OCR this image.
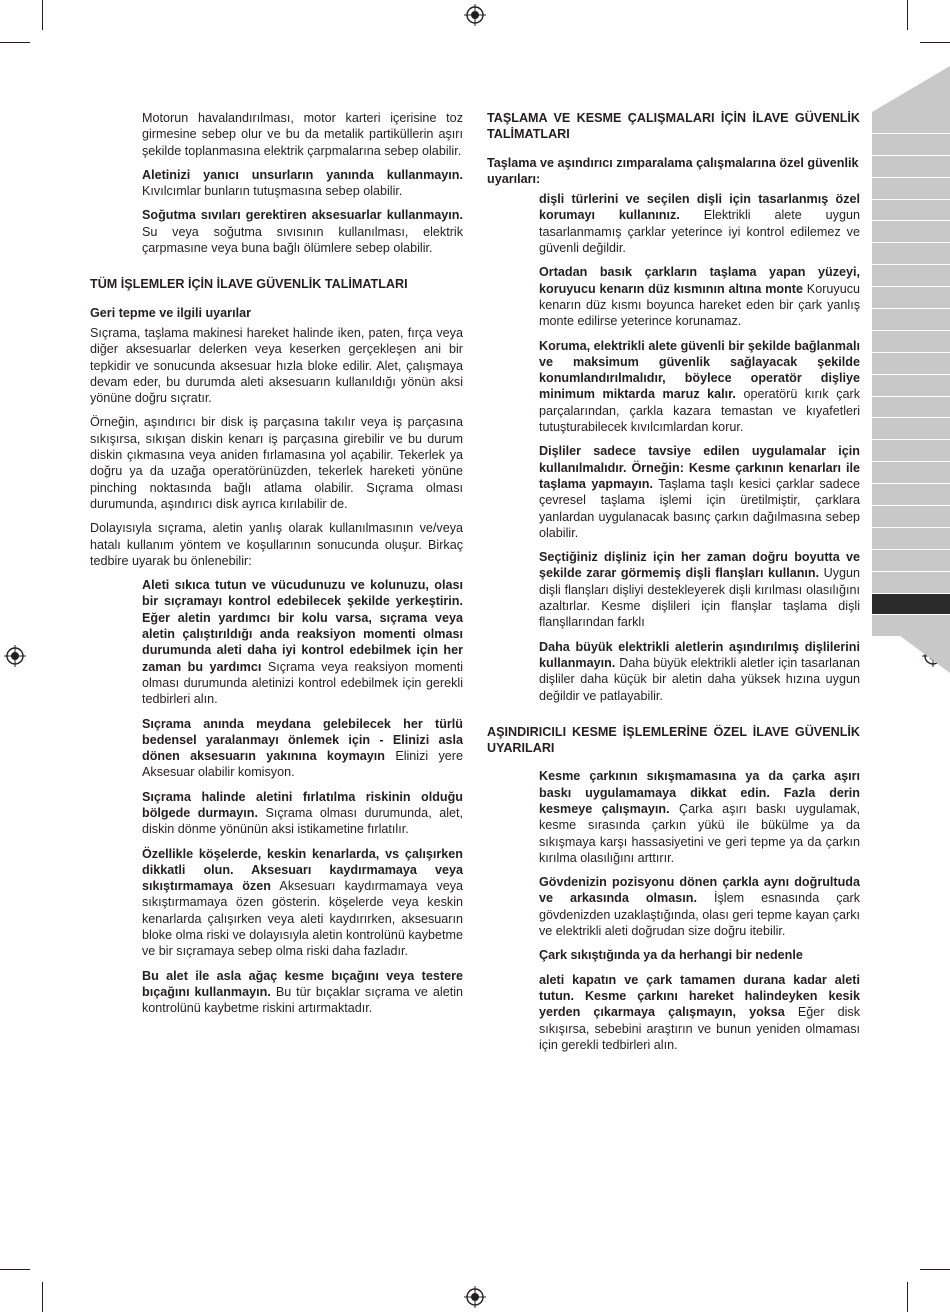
Motorun havalandırılması, motor karteri içerisine toz girmesine sebep olur ve bu da metalik partiküllerin aşırı şekilde toplanmasına elektrik çarpmalarına sebep olabilir.
Aletinizi yanıcı unsurların yanında kullanmayın. Kıvılcımlar bunların tutuşmasına sebep olabilir.
Soğutma sıvıları gerektiren aksesuarlar kullanmayın. Su veya soğutma sıvısının kullanılması, elektrik çarpmasıne veya buna bağlı ölümlere sebep olabilir.
TÜM İŞLEMLER İÇİN İLAVE GÜVENLİK TALİMATLARI
Geri tepme ve ilgili uyarılar
Sıçrama, taşlama makinesi hareket halinde iken, paten, fırça veya diğer aksesuarlar delerken veya keserken gerçekleşen ani bir tepkidir ve sonucunda aksesuar hızla bloke edilir. Alet, çalışmaya devam eder, bu durumda aleti aksesuarın kullanıldığı yönün aksi yönüne doğru sıçratır.
Örneğin, aşındırıcı bir disk iş parçasına takılır veya iş parçasına sıkışırsa, sıkışan diskin kenarı iş parçasına girebilir ve bu durum diskin çıkmasına veya aniden fırlamasına yol açabilir. Tekerlek ya doğru ya da uzağa operatörünüzden, tekerlek hareketi yönüne pinching noktasında bağlı atlama olabilir. Sıçrama olması durumunda, aşındırıcı disk ayrıca kırılabilir de.
Dolayısıyla sıçrama, aletin yanlış olarak kullanılmasının ve/veya hatalı kullanım yöntem ve koşullarının sonucunda oluşur. Birkaç tedbire uyarak bu önlenebilir:
Aleti sıkıca tutun ve vücudunuzu ve kolunuzu, olası bir sıçramayı kontrol edebilecek şekilde yerkeştirin. Eğer aletin yardımcı bir kolu varsa, sıçrama veya aletin çalıştırıldığı anda reaksiyon momenti olması durumunda aleti daha iyi kontrol edebilmek için her zaman bu yardımcı Sıçrama veya reaksiyon momenti olması durumunda aletinizi kontrol edebilmek için gerekli tedbirleri alın.
Sıçrama anında meydana gelebilecek her türlü bedensel yaralanmayı önlemek için - Elinizi asla dönen aksesuarın yakınına koymayın Elinizi yere Aksesuar olabilir komisyon.
Sıçrama halinde aletini fırlatılma riskinin olduğu bölgede durmayın. Sıçrama olması durumunda, alet, diskin dönme yönünün aksi istikametine fırlatılır.
Özellikle köşelerde, keskin kenarlarda, vs çalışırken dikkatli olun. Aksesuarı kaydırmamaya veya sıkıştırmamaya özen Aksesuarı kaydırmamaya veya sıkıştırmamaya özen gösterin. köşelerde veya keskin kenarlarda çalışırken veya aleti kaydırırken, aksesuarın bloke olma riski ve dolayısıyla aletin kontrolünü kaybetme ve bir sıçramaya sebep olma riski daha fazladır.
Bu alet ile asla ağaç kesme bıçağını veya testere bıçağını kullanmayın. Bu tür bıçaklar sıçrama ve aletin kontrolünü kaybetme riskini artırmaktadır.
TAŞLAMA VE KESME ÇALIŞMALARI İÇİN İLAVE GÜVENLİK TALİMATLARI
Taşlama ve aşındırıcı zımparalama çalışmalarına özel güvenlik uyarıları:
dişli türlerini ve seçilen dişli için tasarlanmış özel korumayı kullanınız. Elektrikli alete uygun tasarlanmamış çarklar yeterince iyi kontrol edilemez ve güvenli değildir.
Ortadan basık çarkların taşlama yapan yüzeyi, koruyucu kenarın düz kısmının altına monte Koruyucu kenarın düz kısmı boyunca hareket eden bir çark yanlış monte edilirse yeterince korunamaz.
Koruma, elektrikli alete güvenli bir şekilde bağlanmalı ve maksimum güvenlik sağlayacak şekilde konumlandırılmalıdır, böylece operatör dişliye minimum miktarda maruz kalır. operatörü kırık çark parçalarından, çarkla kazara temastan ve kıyafetleri tutuşturabilecek kıvılcımlardan korur.
Dişliler sadece tavsiye edilen uygulamalar için kullanılmalıdır. Örneğin: Kesme çarkının kenarları ile taşlama yapmayın. Taşlama taşlı kesici çarklar sadece çevresel taşlama işlemi için üretilmiştir, çarklara yanlardan uygulanacak basınç çarkın dağılmasına sebep olabilir.
Seçtiğiniz dişliniz için her zaman doğru boyutta ve şekilde zarar görmemiş dişli flanşları kullanın. Uygun dişli flanşları dişliyi destekleyerek dişli kırılması olasılığını azaltırlar. Kesme dişlileri için flanşlar taşlama dişli flanşllarından farklı
Daha büyük elektrikli aletlerin aşındırılmış dişlilerini kullanmayın. Daha büyük elektrikli aletler için tasarlanan dişliler daha küçük bir aletin daha yüksek hızına uygun değildir ve patlayabilir.
AŞINDIRICILI KESME İŞLEMLERİNE ÖZEL İLAVE GÜVENLİK UYARILARI
Kesme çarkının sıkışmamasına ya da çarka aşırı baskı uygulamamaya dikkat edin. Fazla derin kesmeye çalışmayın. Çarka aşırı baskı uygulamak, kesme sırasında çarkın yükü ile bükülme ya da sıkışmaya karşı hassasiyetini ve geri tepme ya da çarkın kırılma olasılığını arttırır.
Gövdenizin pozisyonu dönen çarkla aynı doğrultuda ve arkasında olmasın. İşlem esnasında çark gövdenizden uzaklaştığında, olası geri tepme kayan çarkı ve elektrikli aleti doğrudan size doğru itebilir.
Çark sıkıştığında ya da herhangi bir nedenle
aleti kapatın ve çark tamamen durana kadar aleti tutun. Kesme çarkını hareket halindeyken kesik yerden çıkarmaya çalışmayın, yoksa Eğer disk sıkışırsa, sebebini araştırın ve bunun yeniden olmaması için gerekli tedbirleri alın.
